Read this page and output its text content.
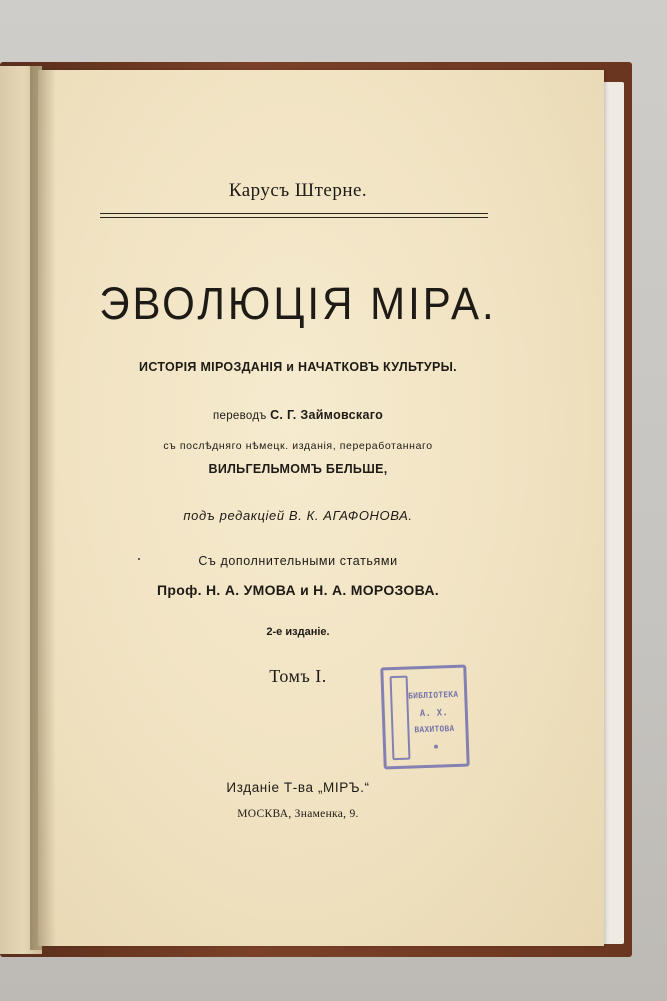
Карусъ Штерне.
ЭВОЛЮЦІЯ МІРА.
ИСТОРІЯ МІРОЗДАНІЯ и НАЧАТКОВЪ КУЛЬТУРЫ.
переводъ С. Г. Займовскаго
съ послѣдняго нѣмецк. изданія, переработаннаго
ВИЛЬГЕЛЬМОМЪ БЕЛЬШЕ,
подъ редакціей В. К. АГАФОНОВА.
Съ дополнительными статьями
Проф. Н. А. УМОВА и Н. А. МОРОЗОВА.
2-е изданіе.
Томъ I.
БИБЛІОТЕКА
А. Х.
ВАХИТОВА
Изданіе Т-ва „МІРЪ.“
МОСКВА, Знаменка, 9.
